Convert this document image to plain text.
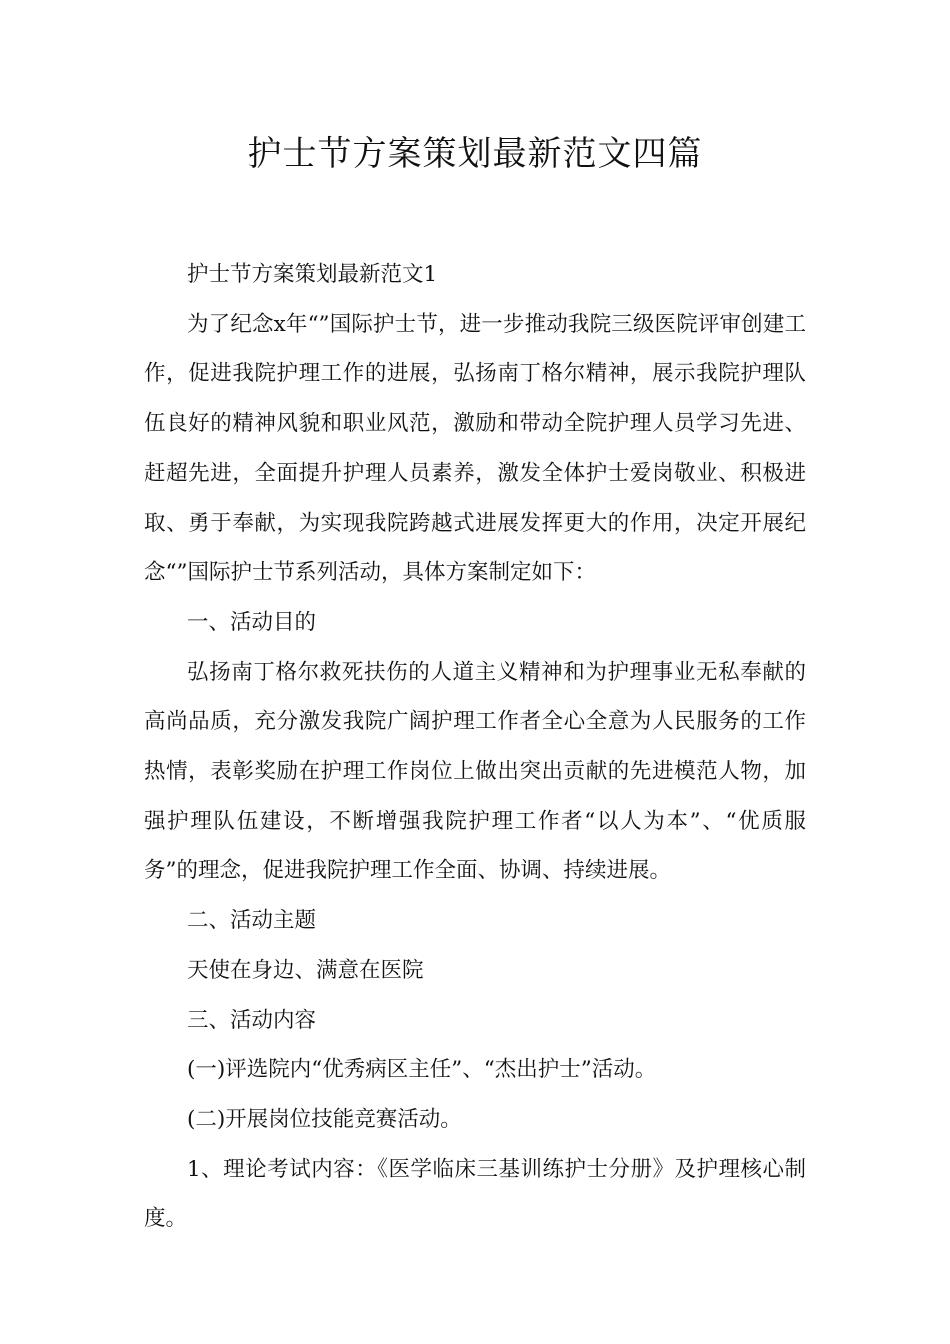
护士节方案策划最新范文四篇

护士节方案策划最新范文1

为了纪念x年“”国际护士节，进一步推动我院三级医院评审创建工作，促进我院护理工作的进展，弘扬南丁格尔精神，展示我院护理队伍良好的精神风貌和职业风范，激励和带动全院护理人员学习先进、赶超先进，全面提升护理人员素养，激发全体护士爱岗敬业、积极进取、勇于奉献，为实现我院跨越式进展发挥更大的作用，决定开展纪念“”国际护士节系列活动，具体方案制定如下：

一、活动目的

弘扬南丁格尔救死扶伤的人道主义精神和为护理事业无私奉献的高尚品质，充分激发我院广阔护理工作者全心全意为人民服务的工作热情，表彰奖励在护理工作岗位上做出突出贡献的先进模范人物，加强护理队伍建设，不断增强我院护理工作者“以人为本”、“优质服务”的理念，促进我院护理工作全面、协调、持续进展。

二、活动主题

天使在身边、满意在医院

三、活动内容

(一)评选院内“优秀病区主任”、“杰出护士”活动。

(二)开展岗位技能竞赛活动。

1、理论考试内容：《医学临床三基训练护士分册》及护理核心制度。
